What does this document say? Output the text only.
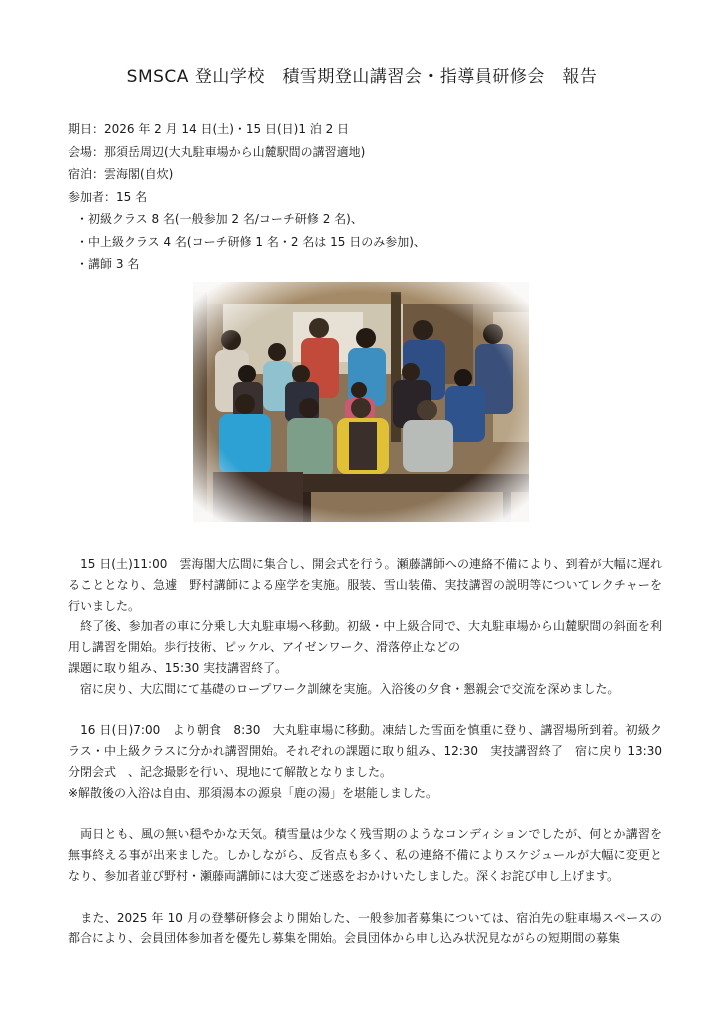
SMSCA 登山学校　積雪期登山講習会・指導員研修会　報告
期日：2026 年 2 月 14 日(土)・15 日(日)1 泊 2 日
会場：那須岳周辺(大丸駐車場から山麓駅間の講習適地)
宿泊：雲海閣(自炊)
参加者：15 名
・初級クラス 8 名(一般参加 2 名/コーチ研修 2 名)、
・中上級クラス 4 名(コーチ研修 1 名・2 名は 15 日のみ参加)、
・講師 3 名

　15 日(土)11:00　雲海閣大広間に集合し、開会式を行う。瀬藤講師への連絡不備により、到着が大幅に遅れることとなり、急遽　野村講師による座学を実施。服装、雪山装備、実技講習の説明等についてレクチャーを行いました。

　終了後、参加者の車に分乗し大丸駐車場へ移動。初級・中上級合同で、大丸駐車場から山麓駅間の斜面を利用し講習を開始。歩行技術、ピッケル、アイゼンワーク、滑落停止などの

課題に取り組み、15:30 実技講習終了。

　宿に戻り、大広間にて基礎のロープワーク訓練を実施。入浴後の夕食・懇親会で交流を深めました。

　16 日(日)7:00　より朝食　8:30　大丸駐車場に移動。凍結した雪面を慎重に登り、講習場所到着。初級クラス・中上級クラスに分かれ講習開始。それぞれの課題に取り組み、12:30　実技講習終了　宿に戻り 13:30 分閉会式　、記念撮影を行い、現地にて解散となりました。

※解散後の入浴は自由、那須湯本の源泉「鹿の湯」を堪能しました。

　両日とも、風の無い穏やかな天気。積雪量は少なく残雪期のようなコンディションでしたが、何とか講習を無事終える事が出来ました。しかしながら、反省点も多く、私の連絡不備によりスケジュールが大幅に変更となり、参加者並び野村・瀬藤両講師には大変ご迷惑をおかけいたしました。深くお詫び申し上げます。

　また、2025 年 10 月の登攀研修会より開始した、一般参加者募集については、宿泊先の駐車場スペースの都合により、会員団体参加者を優先し募集を開始。会員団体から申し込み状況見ながらの短期間の募集
